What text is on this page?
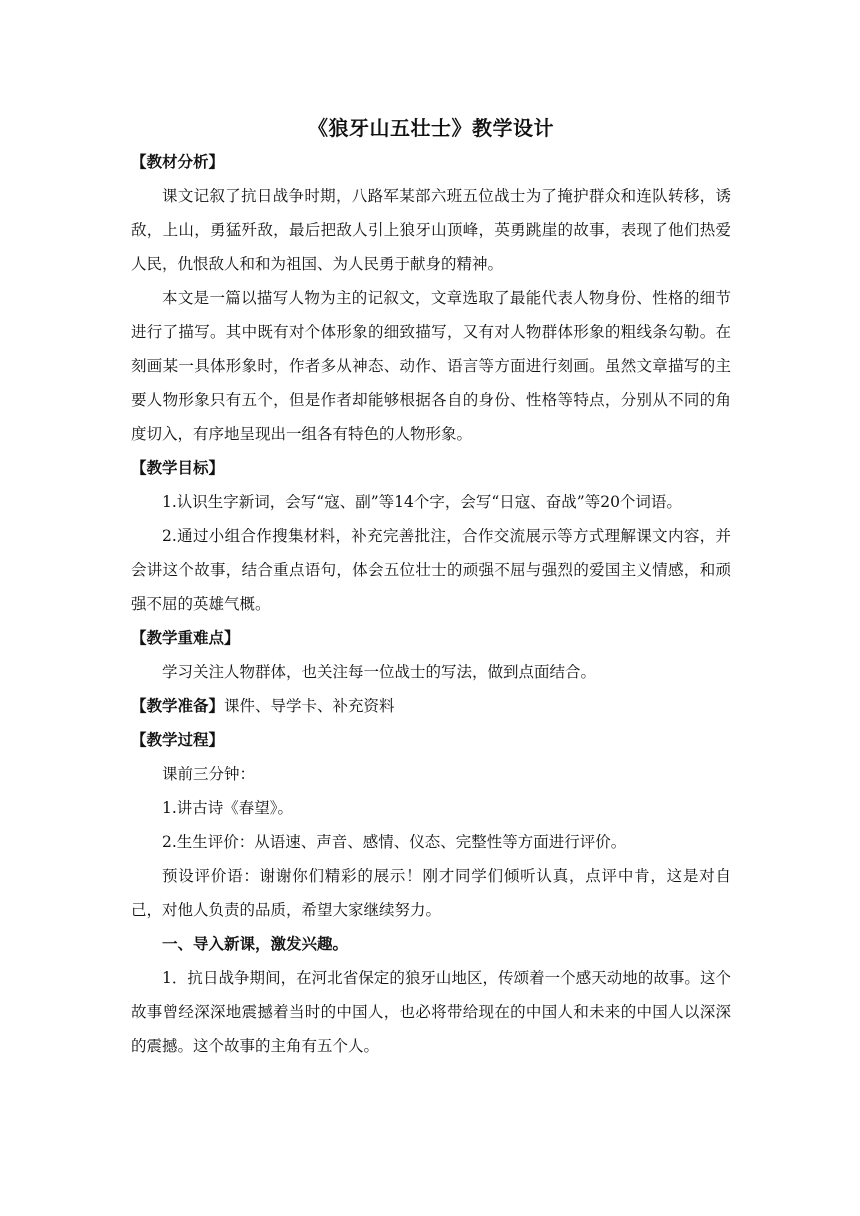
《狼牙山五壮士》教学设计
【教材分析】

课文记叙了抗日战争时期，八路军某部六班五位战士为了掩护群众和连队转移，诱敌，上山，勇猛歼敌，最后把敌人引上狼牙山顶峰，英勇跳崖的故事，表现了他们热爱人民，仇恨敌人和和为祖国、为人民勇于献身的精神。

本文是一篇以描写人物为主的记叙文，文章选取了最能代表人物身份、性格的细节进行了描写。其中既有对个体形象的细致描写，又有对人物群体形象的粗线条勾勒。在刻画某一具体形象时，作者多从神态、动作、语言等方面进行刻画。虽然文章描写的主要人物形象只有五个，但是作者却能够根据各自的身份、性格等特点，分别从不同的角度切入，有序地呈现出一组各有特色的人物形象。

【教学目标】

1.认识生字新词，会写“寇、副”等14个字，会写“日寇、奋战”等20个词语。

2.通过小组合作搜集材料，补充完善批注，合作交流展示等方式理解课文内容，并会讲这个故事，结合重点语句，体会五位壮士的顽强不屈与强烈的爱国主义情感，和顽强不屈的英雄气概。

【教学重难点】

学习关注人物群体，也关注每一位战士的写法，做到点面结合。

【教学准备】课件、导学卡、补充资料
【教学过程】

课前三分钟：

1.讲古诗《春望》。

2.生生评价：从语速、声音、感情、仪态、完整性等方面进行评价。

预设评价语：谢谢你们精彩的展示！刚才同学们倾听认真，点评中肯，这是对自己，对他人负责的品质，希望大家继续努力。

一、导入新课，激发兴趣。

1．抗日战争期间，在河北省保定的狼牙山地区，传颂着一个感天动地的故事。这个故事曾经深深地震撼着当时的中国人，也必将带给现在的中国人和未来的中国人以深深的震撼。这个故事的主角有五个人。
